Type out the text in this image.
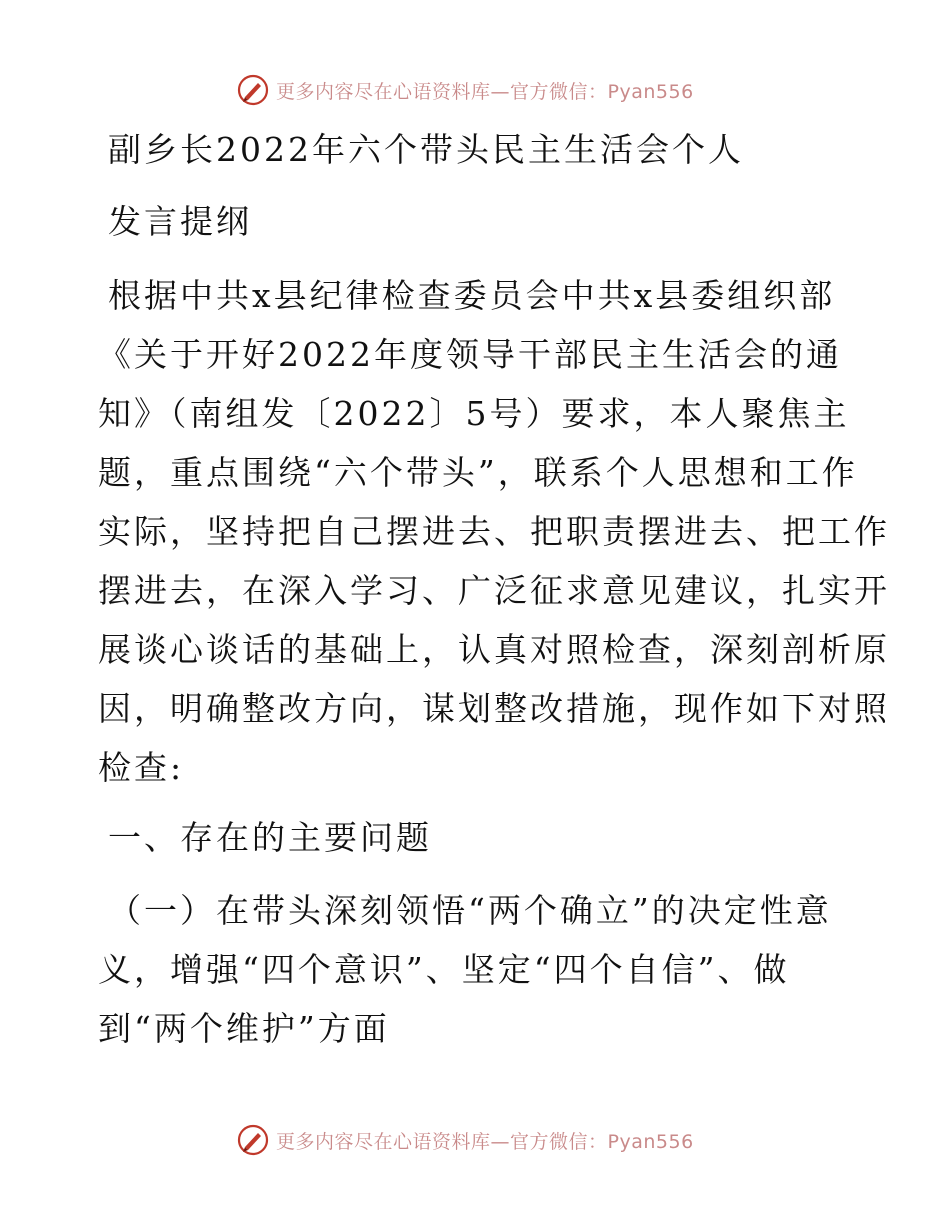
更多内容尽在心语资料库—官方微信：Pyan556
副乡长2022年六个带头民主生活会个人
发言提纲
根据中共x县纪律检查委员会中共x县委组织部
《关于开好2022年度领导干部民主生活会的通
知》（南组发〔2022〕5号）要求，本人聚焦主
题，重点围绕“六个带头”，联系个人思想和工作
实际，坚持把自己摆进去、把职责摆进去、把工作
摆进去，在深入学习、广泛征求意见建议，扎实开
展谈心谈话的基础上，认真对照检查，深刻剖析原
因，明确整改方向，谋划整改措施，现作如下对照
检查:
一、存在的主要问题
（一）在带头深刻领悟“两个确立”的决定性意
义，增强“四个意识”、坚定“四个自信”、做
到“两个维护”方面
更多内容尽在心语资料库—官方微信：Pyan556
